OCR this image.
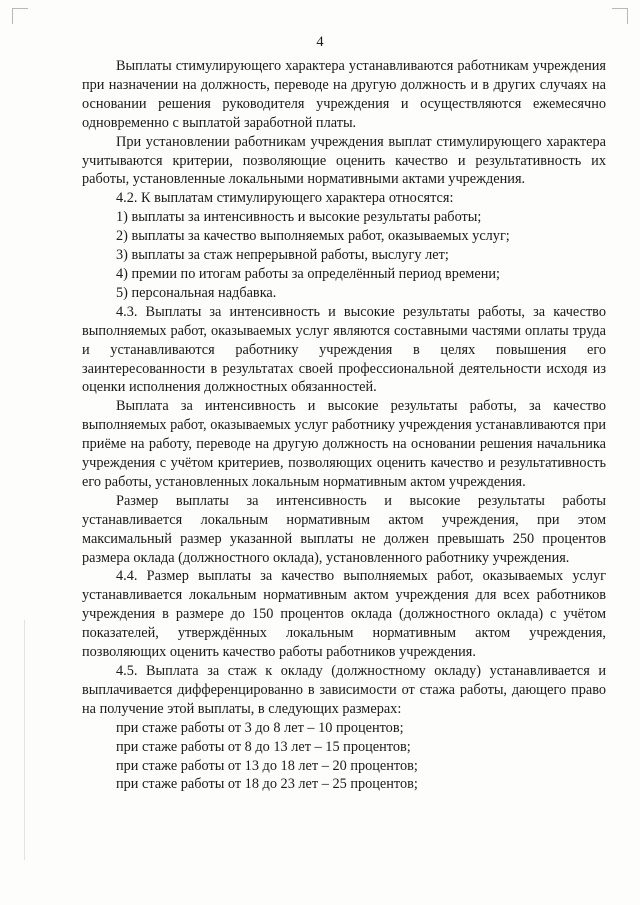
4

Выплаты стимулирующего характера устанавливаются работникам учреждения при назначении на должность, переводе на другую должность и в других случаях на основании решения руководителя учреждения и осуществляются ежемесячно одновременно с выплатой заработной платы.

При установлении работникам учреждения выплат стимулирующего характера учитываются критерии, позволяющие оценить качество и результативность их работы, установленные локальными нормативными актами учреждения.

4.2. К выплатам стимулирующего характера относятся:

1) выплаты за интенсивность и высокие результаты работы;

2) выплаты за качество выполняемых работ, оказываемых услуг;

3) выплаты за стаж непрерывной работы, выслугу лет;

4) премии по итогам работы за определённый период времени;

5) персональная надбавка.

4.3. Выплаты за интенсивность и высокие результаты работы, за качество выполняемых работ, оказываемых услуг являются составными частями оплаты труда и устанавливаются работнику учреждения в целях повышения его заинтересованности в результатах своей профессиональной деятельности исходя из оценки исполнения должностных обязанностей.

Выплата за интенсивность и высокие результаты работы, за качество выполняемых работ, оказываемых услуг работнику учреждения устанавливаются при приёме на работу, переводе на другую должность на основании решения начальника учреждения с учётом критериев, позволяющих оценить качество и результативность его работы, установленных локальным нормативным актом учреждения.

Размер выплаты за интенсивность и высокие результаты работы устанавливается локальным нормативным актом учреждения, при этом максимальный размер указанной выплаты не должен превышать 250 процентов размера оклада (должностного оклада), установленного работнику учреждения.

4.4. Размер выплаты за качество выполняемых работ, оказываемых услуг устанавливается локальным нормативным актом учреждения для всех работников учреждения в размере до 150 процентов оклада (должностного оклада) с учётом показателей, утверждённых локальным нормативным актом учреждения, позволяющих оценить качество работы работников учреждения.

4.5. Выплата за стаж к окладу (должностному окладу) устанавливается и выплачивается дифференцированно в зависимости от стажа работы, дающего право на получение этой выплаты, в следующих размерах:

при стаже работы от 3 до 8 лет – 10 процентов;

при стаже работы от 8 до 13 лет – 15 процентов;

при стаже работы от 13 до 18 лет – 20 процентов;

при стаже работы от 18 до 23 лет – 25 процентов;
